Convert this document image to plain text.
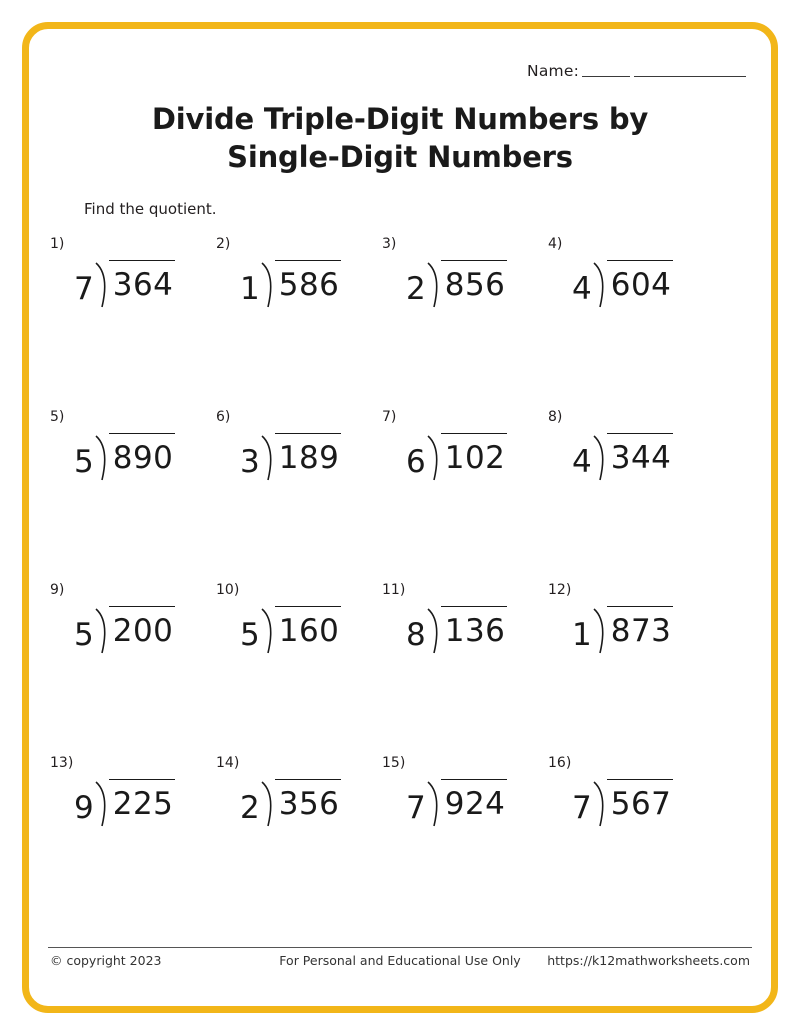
Name:
Divide Triple-Digit Numbers by
Single-Digit Numbers
Find the quotient.
1)
7 364
2)
1 586
3)
2 856
4)
4 604
5)
5 890
6)
3 189
7)
6 102
8)
4 344
9)
5 200
10)
5 160
11)
8 136
12)
1 873
13)
9 225
14)
2 356
15)
7 924
16)
7 567
© copyright 2023	For Personal and Educational Use Only	https://k12mathworksheets.com
